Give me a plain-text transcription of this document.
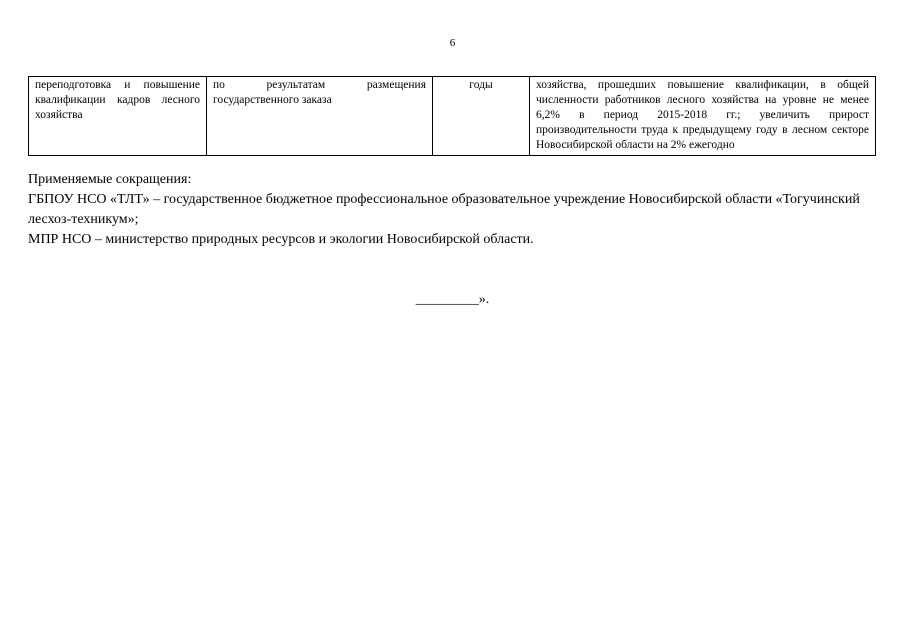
6
переподготовка и повышение квалификации кадров лесного хозяйства	по результатам размещения государственного заказа	годы	хозяйства, прошедших повышение квалификации, в общей численности работников лесного хозяйства на уровне не менее 6,2% в период 2015-2018 гг.; увеличить прирост производительности труда к предыдущему году в лесном секторе Новосибирской области на 2% ежегодно

Применяемые сокращения:

ГБПОУ НСО «ТЛТ» – государственное бюджетное профессиональное образовательное учреждение Новосибирской области «Тогучинский лесхоз-техникум»;

МПР НСО – министерство природных ресурсов и экологии Новосибирской области.

_________».
